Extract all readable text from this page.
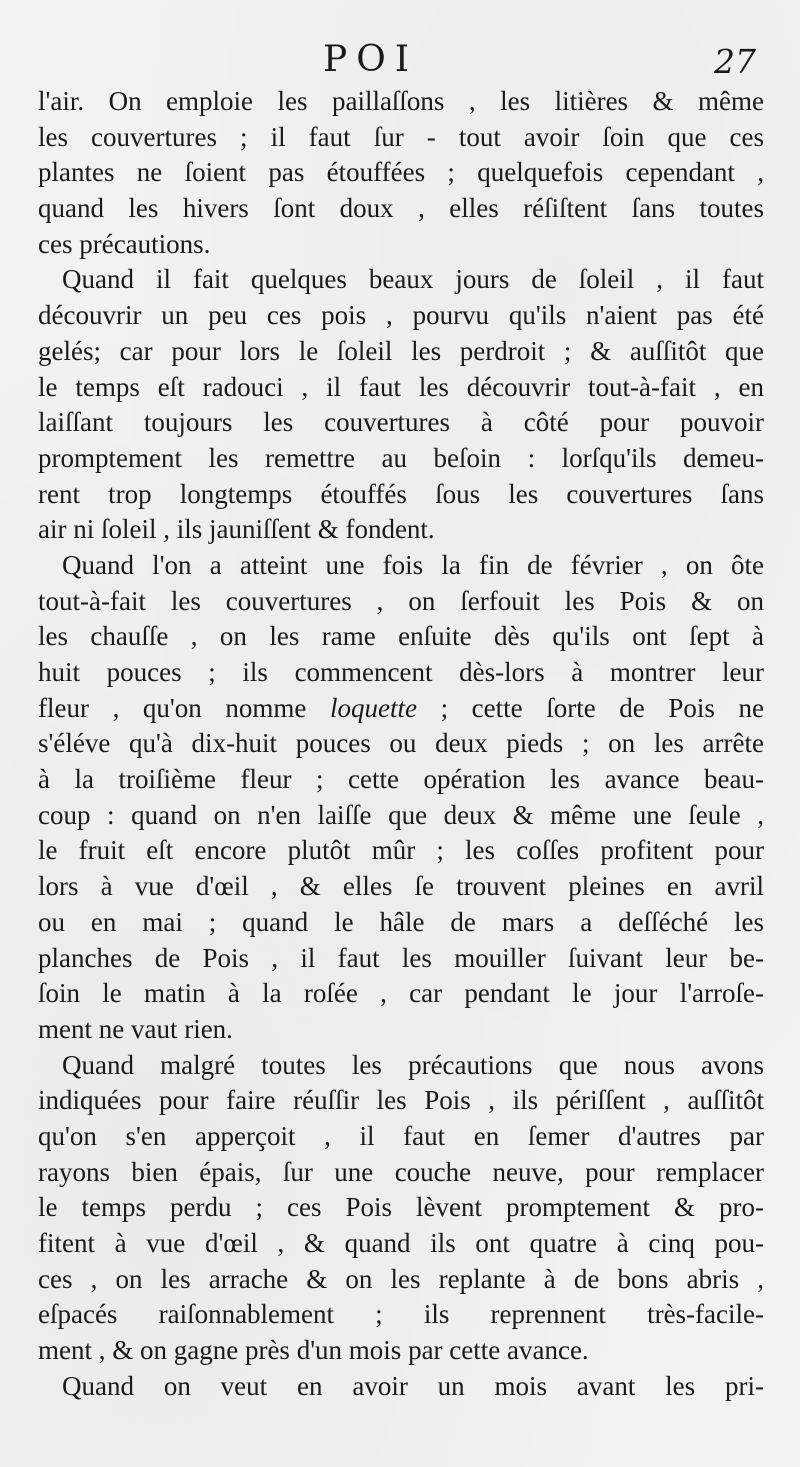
POI	27
l'air. On emploie les paillaſſons , les litières & même
les couvertures ; il faut ſur - tout avoir ſoin que ces
plantes ne ſoient pas étouffées ; quelquefois cependant ,
quand les hivers ſont doux , elles réſiſtent ſans toutes
ces précautions.
Quand il fait quelques beaux jours de ſoleil , il faut
découvrir un peu ces pois , pourvu qu'ils n'aient pas été
gelés; car pour lors le ſoleil les perdroit ; & auſſitôt que
le temps eſt radouci , il faut les découvrir tout-à-fait , en
laiſſant toujours les couvertures à côté pour pouvoir
promptement les remettre au beſoin : lorſqu'ils demeu-
rent trop longtemps étouffés ſous les couvertures ſans
air ni ſoleil , ils jauniſſent & fondent.
Quand l'on a atteint une fois la fin de février , on ôte
tout-à-fait les couvertures , on ſerfouit les Pois & on
les chauſſe , on les rame enſuite dès qu'ils ont ſept à
huit pouces ; ils commencent dès-lors à montrer leur
fleur , qu'on nomme loquette ; cette ſorte de Pois ne
s'éléve qu'à dix-huit pouces ou deux pieds ; on les arrête
à la troiſième fleur ; cette opération les avance beau-
coup : quand on n'en laiſſe que deux & même une ſeule ,
le fruit eſt encore plutôt mûr ; les coſſes profitent pour
lors à vue d'œil , & elles ſe trouvent pleines en avril
ou en mai ; quand le hâle de mars a deſſéché les
planches de Pois , il faut les mouiller ſuivant leur be-
ſoin le matin à la roſée , car pendant le jour l'arroſe-
ment ne vaut rien.
Quand malgré toutes les précautions que nous avons
indiquées pour faire réuſſir les Pois , ils périſſent , auſſitôt
qu'on s'en apperçoit , il faut en ſemer d'autres par
rayons bien épais, ſur une couche neuve, pour remplacer
le temps perdu ; ces Pois lèvent promptement & pro-
fitent à vue d'œil , & quand ils ont quatre à cinq pou-
ces , on les arrache & on les replante à de bons abris ,
eſpacés raiſonnablement ; ils reprennent très-facile-
ment , & on gagne près d'un mois par cette avance.
Quand on veut en avoir un mois avant les pri-
